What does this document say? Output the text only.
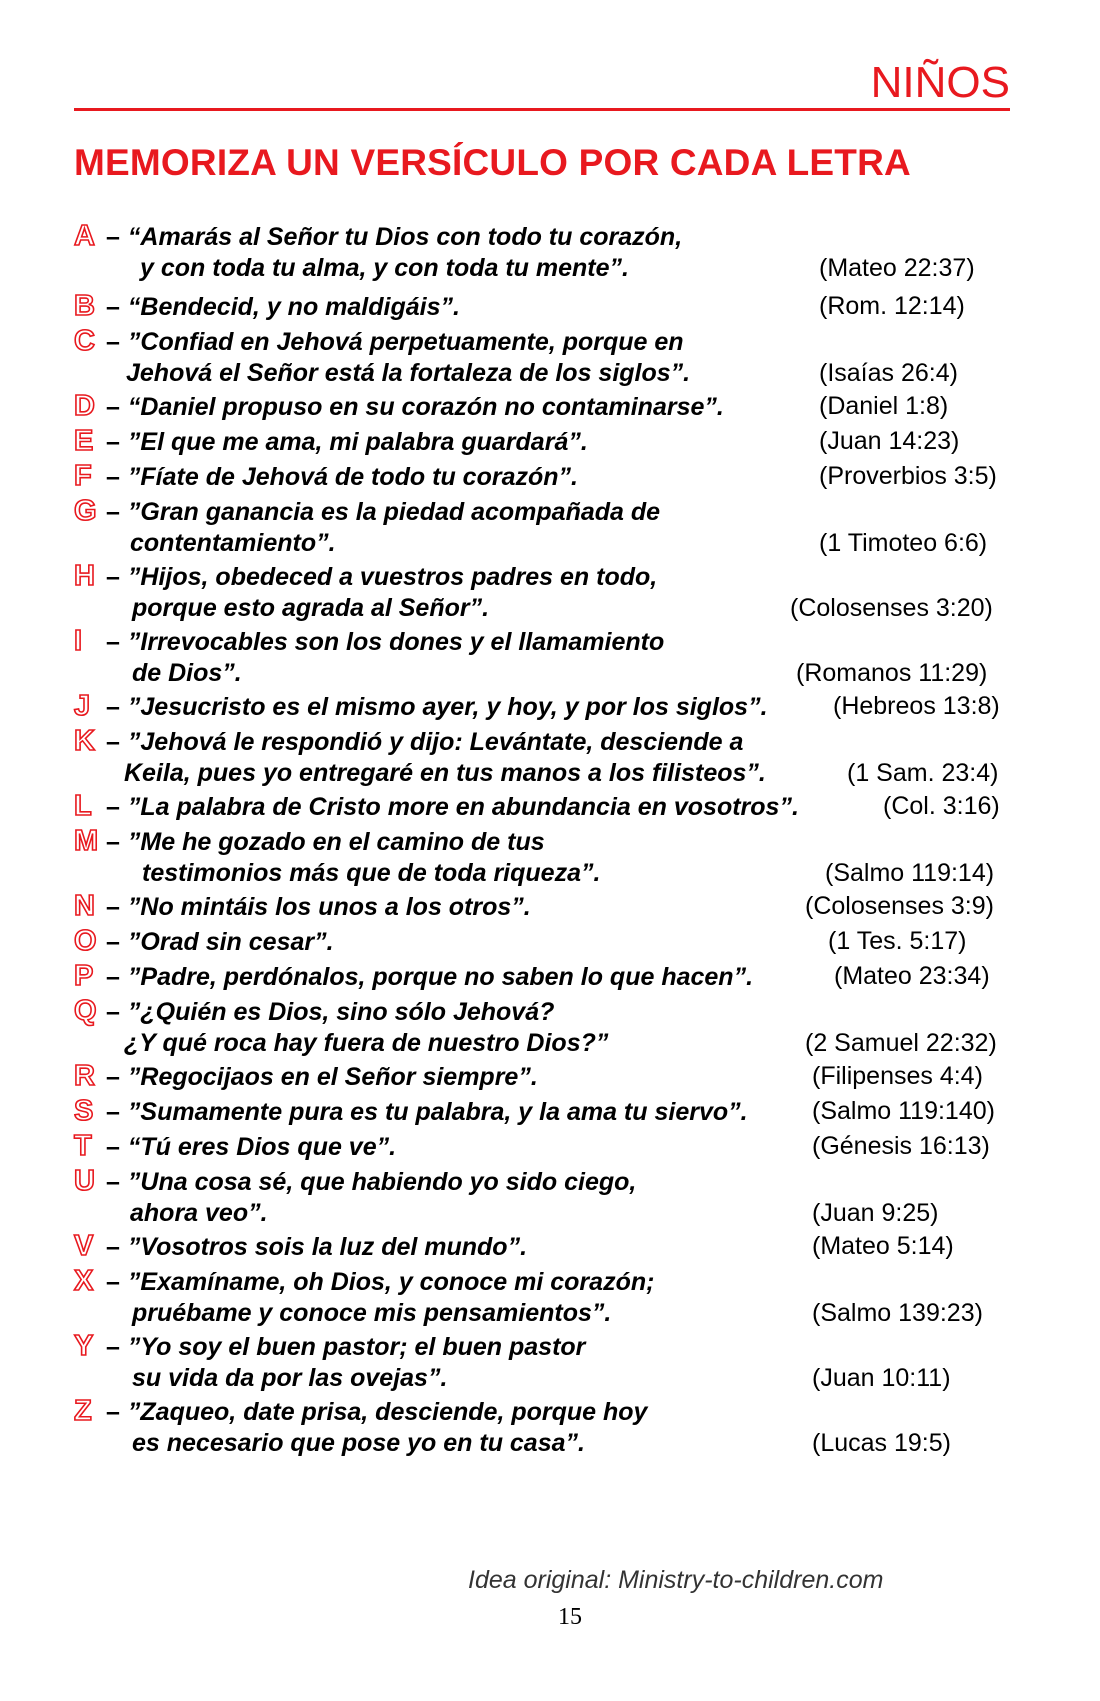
NIÑOS
MEMORIZA UN VERSÍCULO POR CADA LETRA
A – “Amarás al Señor tu Dios con todo tu corazón,
y con toda tu alma, y con toda tu mente”.	(Mateo 22:37)
B – “Bendecid, y no maldigáis”.	(Rom. 12:14)
C – ”Confiad en Jehová perpetuamente, porque en
Jehová el Señor está la fortaleza de los siglos”.	(Isaías 26:4)
D – “Daniel propuso en su corazón no contaminarse”.	(Daniel 1:8)
E – ”El que me ama, mi palabra guardará”.	(Juan 14:23)
F – ”Fíate de Jehová de todo tu corazón”.	(Proverbios 3:5)
G – ”Gran ganancia es la piedad acompañada de
contentamiento”.	(1 Timoteo 6:6)
H – ”Hijos, obedeced a vuestros padres en todo,
porque esto agrada al Señor”.	(Colosenses 3:20)
I – ”Irrevocables son los dones y el llamamiento
de Dios”.	(Romanos 11:29)
J – ”Jesucristo es el mismo ayer, y hoy, y por los siglos”.	(Hebreos 13:8)
K – ”Jehová le respondió y dijo: Levántate, desciende a
Keila, pues yo entregaré en tus manos a los filisteos”.	(1 Sam. 23:4)
L – ”La palabra de Cristo more en abundancia en vosotros”.	(Col. 3:16)
M – ”Me he gozado en el camino de tus
testimonios más que de toda riqueza”.	(Salmo 119:14)
N – ”No mintáis los unos a los otros”.	(Colosenses 3:9)
O – ”Orad sin cesar”.	(1 Tes. 5:17)
P – ”Padre, perdónalos, porque no saben lo que hacen”.	(Mateo 23:34)
Q – ”¿Quién es Dios, sino sólo Jehová?
¿Y qué roca hay fuera de nuestro Dios?”	(2 Samuel 22:32)
R – ”Regocijaos en el Señor siempre”.	(Filipenses 4:4)
S – ”Sumamente pura es tu palabra, y la ama tu siervo”.	(Salmo 119:140)
T – “Tú eres Dios que ve”.	(Génesis 16:13)
U – ”Una cosa sé, que habiendo yo sido ciego,
ahora veo”.	(Juan 9:25)
V – ”Vosotros sois la luz del mundo”.	(Mateo 5:14)
X – ”Examíname, oh Dios, y conoce mi corazón;
pruébame y conoce mis pensamientos”.	(Salmo 139:23)
Y – ”Yo soy el buen pastor; el buen pastor
su vida da por las ovejas”.	(Juan 10:11)
Z – ”Zaqueo, date prisa, desciende, porque hoy
es necesario que pose yo en tu casa”.	(Lucas 19:5)
Idea original: Ministry-to-children.com
15
